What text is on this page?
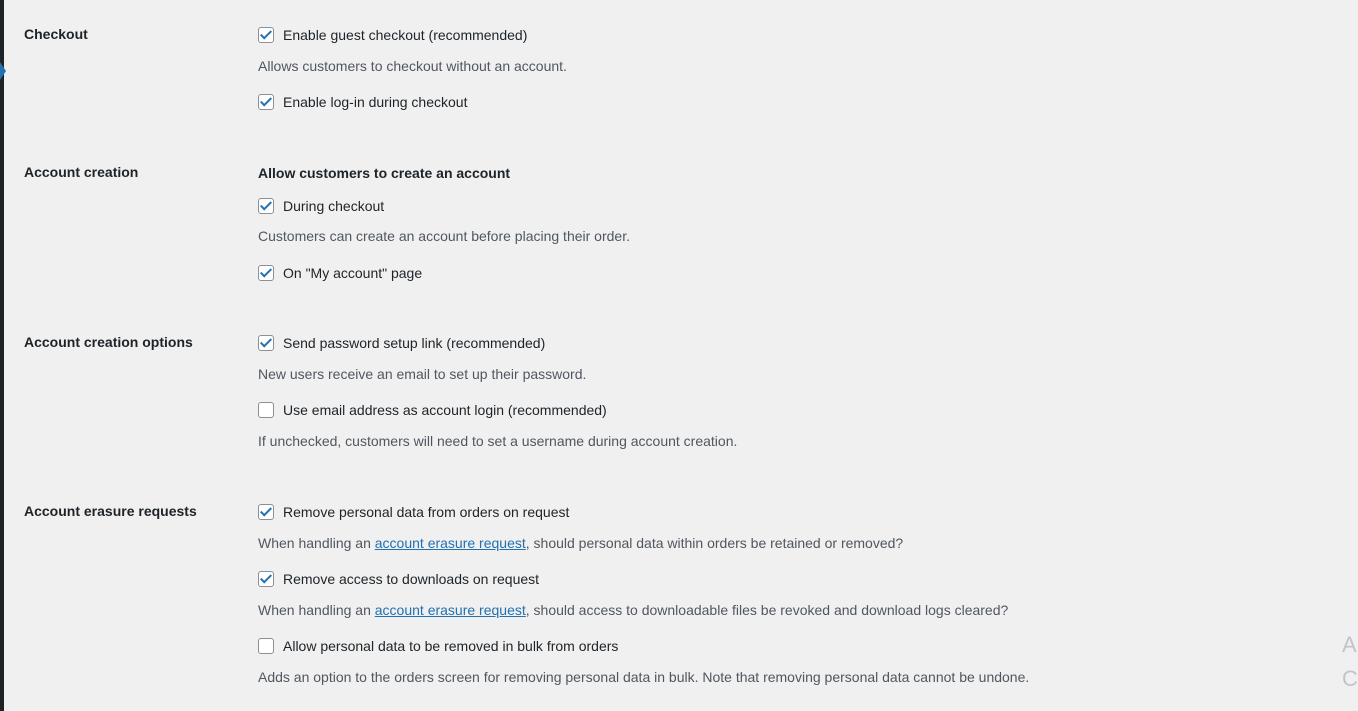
Checkout	Enable guest checkout (recommended)
Allows customers to checkout without an account.
Enable log-in during checkout
Account creation	Allow customers to create an account
During checkout
Customers can create an account before placing their order.
On "My account" page
Account creation options	Send password setup link (recommended)
New users receive an email to set up their password.
Use email address as account login (recommended)
If unchecked, customers will need to set a username during account creation.
Account erasure requests	Remove personal data from orders on request
When handling an account erasure request, should personal data within orders be retained or removed?
Remove access to downloads on request
When handling an account erasure request, should access to downloadable files be revoked and download logs cleared?
Allow personal data to be removed in bulk from orders
Adds an option to the orders screen for removing personal data in bulk. Note that removing personal data cannot be undone.
A
C
